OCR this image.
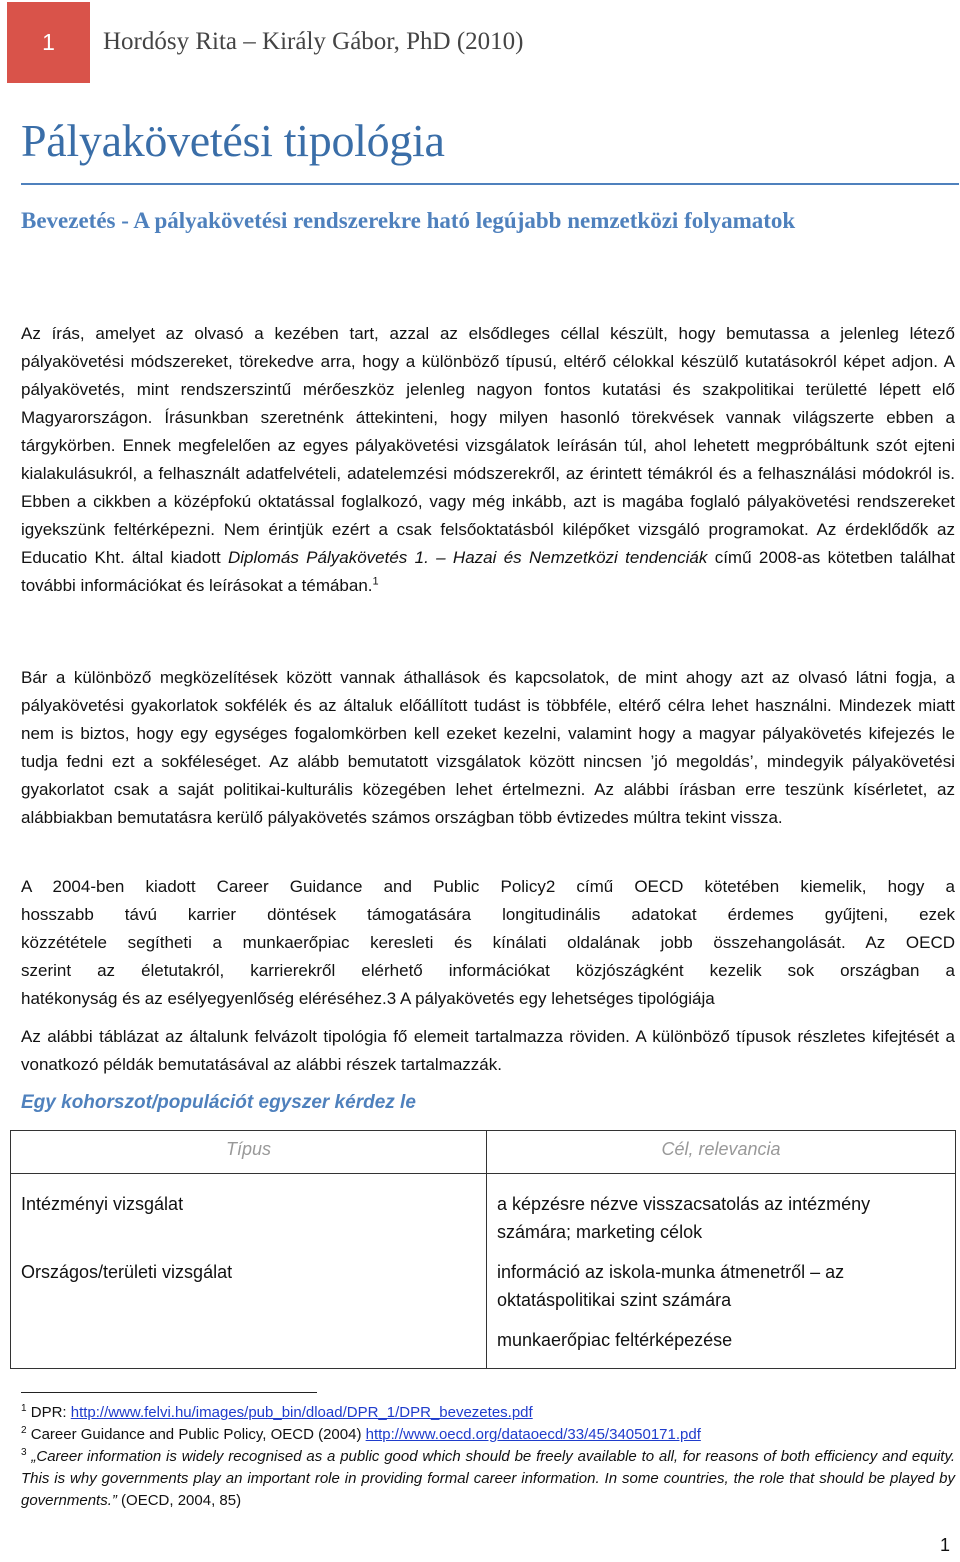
1	Hordósy Rita – Király Gábor, PhD (2010)
Pályakövetési tipológia
Bevezetés - A pályakövetési rendszerekre ható legújabb nemzetközi folyamatok

Az írás, amelyet az olvasó a kezében tart, azzal az elsődleges céllal készült, hogy bemutassa a jelenleg létező pályakövetési módszereket, törekedve arra, hogy a különböző típusú, eltérő célokkal készülő kutatásokról képet adjon. A pályakövetés, mint rendszerszintű mérőeszköz jelenleg nagyon fontos kutatási és szakpolitikai területté lépett elő Magyarországon. Írásunkban szeretnénk áttekinteni, hogy milyen hasonló törekvések vannak világszerte ebben a tárgykörben. Ennek megfelelően az egyes pályakövetési vizsgálatok leírásán túl, ahol lehetett megpróbáltunk szót ejteni kialakulásukról, a felhasznált adatfelvételi, adatelemzési módszerekről, az érintett témákról és a felhasználási módokról is. Ebben a cikkben a középfokú oktatással foglalkozó, vagy még inkább, azt is magába foglaló pályakövetési rendszereket igyekszünk feltérképezni. Nem érintjük ezért a csak felsőoktatásból kilépőket vizsgáló programokat. Az érdeklődők az Educatio Kht. által kiadott Diplomás Pályakövetés 1. – Hazai és Nemzetközi tendenciák című 2008-as kötetben találhat további információkat és leírásokat a témában.$^1$

Bár a különböző megközelítések között vannak áthallások és kapcsolatok, de mint ahogy azt az olvasó látni fogja, a pályakövetési gyakorlatok sokfélék és az általuk előállított tudást is többféle, eltérő célra lehet használni. Mindezek miatt nem is biztos, hogy egy egységes fogalomkörben kell ezeket kezelni, valamint hogy a magyar pályakövetés kifejezés le tudja fedni ezt a sokféleséget. Az alább bemutatott vizsgálatok között nincsen ’jó megoldás’, mindegyik pályakövetési gyakorlatot csak a saját politikai-kulturális közegében lehet értelmezni. Az alábbi írásban erre teszünk kísérletet, az alábbiakban bemutatásra kerülő pályakövetés számos országban több évtizedes múltra tekint vissza.

A 2004-ben kiadott Career Guidance and Public Policy2 című OECD kötetében kiemelik, hogy a
hosszabb távú karrier döntések támogatására longitudinális adatokat érdemes gyűjteni, ezek
közzététele segítheti a munkaerőpiac keresleti és kínálati oldalának jobb összehangolását. Az OECD
szerint az életutakról, karrierekről elérhető információkat közjószágként kezelik sok országban a
hatékonyság és az esélyegyenlőség eléréséhez.3 A pályakövetés egy lehetséges tipológiája

Az alábbi táblázat az általunk felvázolt tipológia fő elemeit tartalmazza röviden. A különböző típusok részletes kifejtését a vonatkozó példák bemutatásával az alábbi részek tartalmazzák.

Egy kohorszot/populációt egyszer kérdez le
Típus	Cél, relevancia
Intézményi vizsgálat	a képzésre nézve visszacsatolás az intézmény számára; marketing célok
Országos/területi vizsgálat	információ az iskola-munka átmenetről – az oktatáspolitikai szint számára
munkaerőpiac feltérképezése

$^1$ DPR: http://www.felvi.hu/images/pub_bin/dload/DPR_1/DPR_bevezetes.pdf

$^2$ Career Guidance and Public Policy, OECD (2004) http://www.oecd.org/dataoecd/33/45/34050171.pdf

$^3$ „Career information is widely recognised as a public good which should be freely available to all, for reasons of both efficiency and equity. This is why governments play an important role in providing formal career information. In some countries, the role that should be played by governments.” (OECD, 2004, 85)

1
